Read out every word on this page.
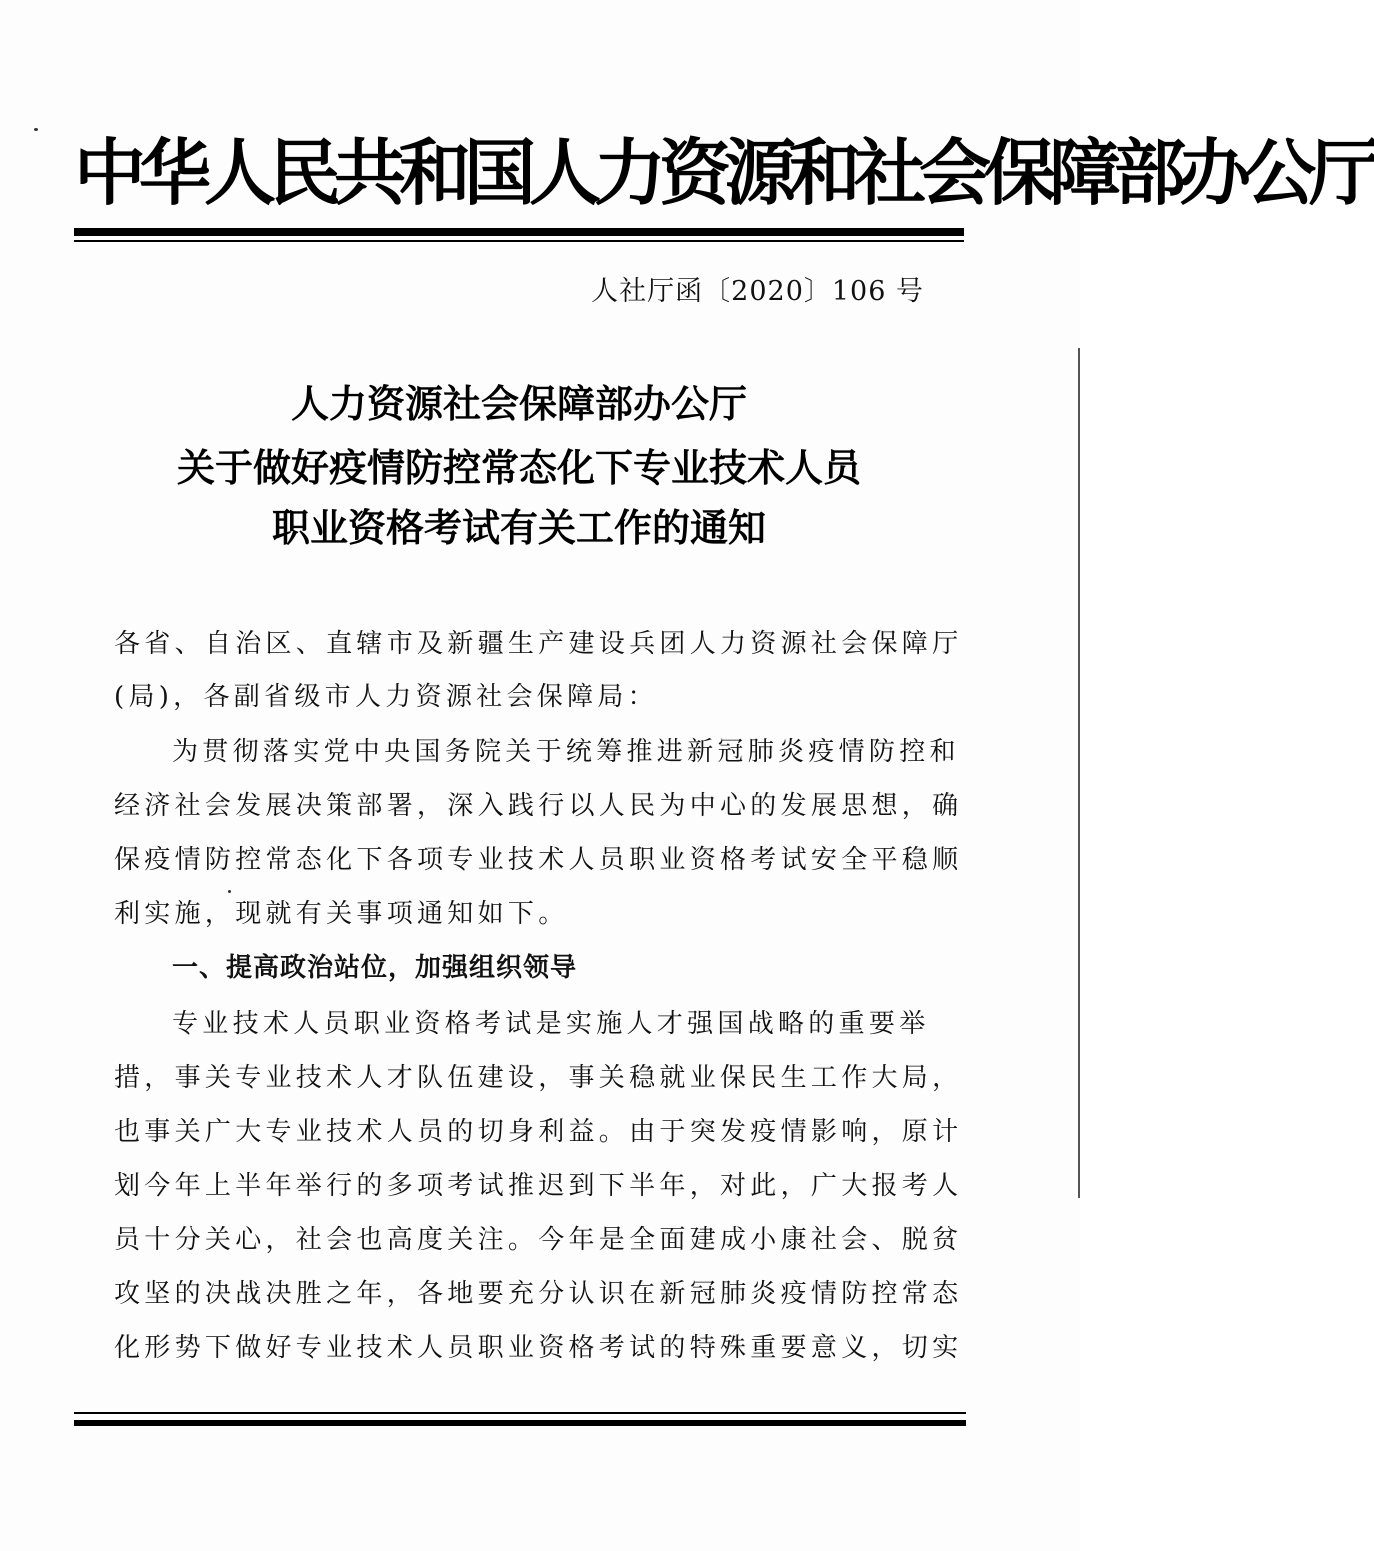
中华人民共和国人力资源和社会保障部办公厅
人社厅函〔2020〕106 号
人力资源社会保障部办公厅
关于做好疫情防控常态化下专业技术人员
职业资格考试有关工作的通知
各省、自治区、直辖市及新疆生产建设兵团人力资源社会保障厅
(局)，各副省级市人力资源社会保障局：
为贯彻落实党中央国务院关于统筹推进新冠肺炎疫情防控和
经济社会发展决策部署，深入践行以人民为中心的发展思想，确
保疫情防控常态化下各项专业技术人员职业资格考试安全平稳顺
利实施，现就有关事项通知如下。
一、提高政治站位，加强组织领导
专业技术人员职业资格考试是实施人才强国战略的重要举
措，事关专业技术人才队伍建设，事关稳就业保民生工作大局，
也事关广大专业技术人员的切身利益。由于突发疫情影响，原计
划今年上半年举行的多项考试推迟到下半年，对此，广大报考人
员十分关心，社会也高度关注。今年是全面建成小康社会、脱贫
攻坚的决战决胜之年，各地要充分认识在新冠肺炎疫情防控常态
化形势下做好专业技术人员职业资格考试的特殊重要意义，切实
